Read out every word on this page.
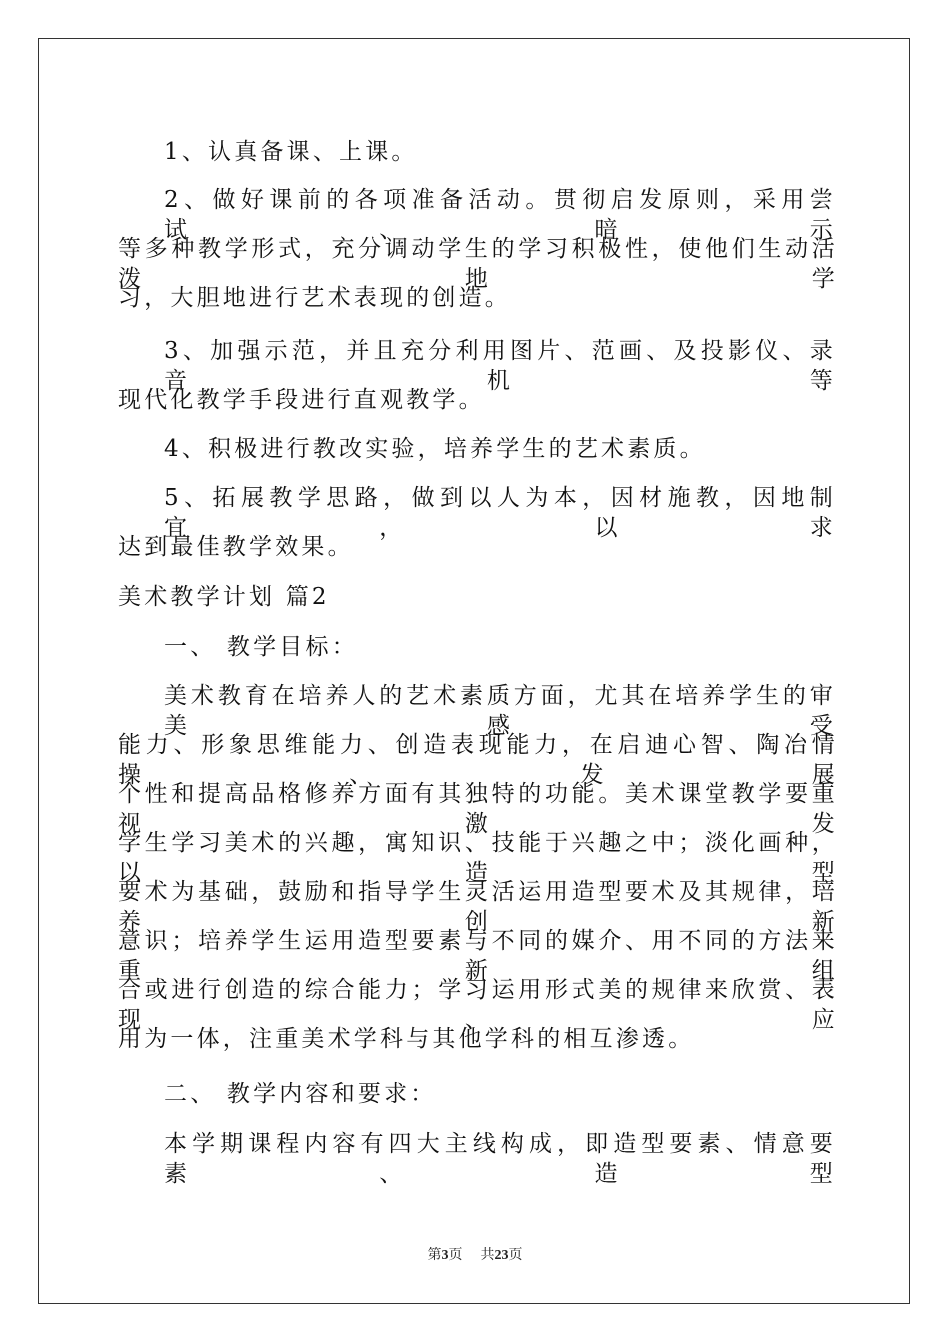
1、认真备课、上课。
2、做好课前的各项准备活动。贯彻启发原则，采用尝试、暗示
等多种教学形式，充分调动学生的学习积极性，使他们生动活泼地学
习，大胆地进行艺术表现的创造。
3、加强示范，并且充分利用图片、范画、及投影仪、录音机等
现代化教学手段进行直观教学。
4、积极进行教改实验，培养学生的艺术素质。
5、拓展教学思路，做到以人为本，因材施教，因地制宜，以求
达到最佳教学效果。
美术教学计划 篇2
一、 教学目标：
美术教育在培养人的艺术素质方面，尤其在培养学生的审美感受
能力、形象思维能力、创造表现能力，在启迪心智、陶冶情操、发展
个性和提高品格修养方面有其独特的功能。美术课堂教学要重视激发
学生学习美术的兴趣，寓知识、技能于兴趣之中；淡化画种，以造型
要术为基础，鼓励和指导学生灵活运用造型要术及其规律，培养创新
意识；培养学生运用造型要素与不同的媒介、用不同的方法来重新组
合或进行创造的综合能力；学习运用形式美的规律来欣赏、表现、应
用为一体，注重美术学科与其他学科的相互渗透。
二、 教学内容和要求：
本学期课程内容有四大主线构成，即造型要素、情意要素、造型
第3页 共23页
